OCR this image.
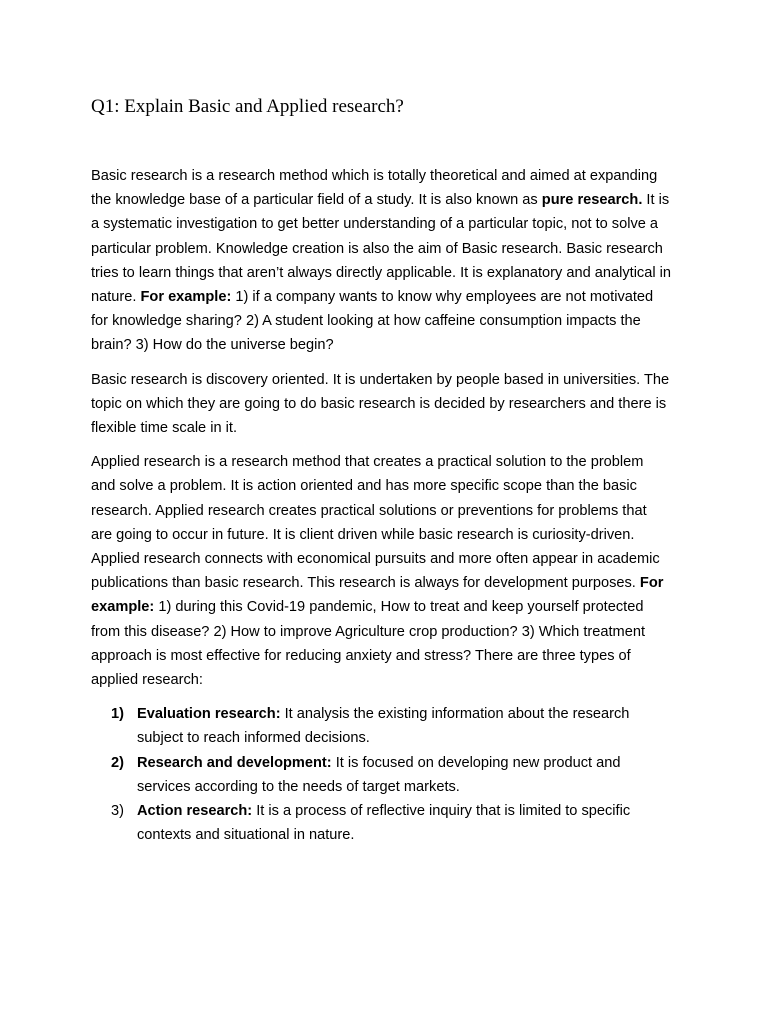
Q1: Explain Basic and Applied research?

Basic research is a research method which is totally theoretical and aimed at expanding the knowledge base of a particular field of a study. It is also known as pure research. It is a systematic investigation to get better understanding of a particular topic, not to solve a particular problem. Knowledge creation is also the aim of Basic research. Basic research tries to learn things that aren’t always directly applicable. It is explanatory and analytical in nature. For example: 1) if a company wants to know why employees are not motivated for knowledge sharing? 2) A student looking at how caffeine consumption impacts the brain? 3) How do the universe begin?

Basic research is discovery oriented. It is undertaken by people based in universities. The topic on which they are going to do basic research is decided by researchers and there is flexible time scale in it.

Applied research is a research method that creates a practical solution to the problem and solve a problem. It is action oriented and has more specific scope than the basic research. Applied research creates practical solutions or preventions for problems that are going to occur in future. It is client driven while basic research is curiosity-driven. Applied research connects with economical pursuits and more often appear in academic publications than basic research. This research is always for development purposes. For example: 1) during this Covid-19 pandemic, How to treat and keep yourself protected from this disease? 2) How to improve Agriculture crop production? 3) Which treatment approach is most effective for reducing anxiety and stress? There are three types of applied research:

1) Evaluation research: It analysis the existing information about the research subject to reach informed decisions.
2) Research and development: It is focused on developing new product and services according to the needs of target markets.
3) Action research: It is a process of reflective inquiry that is limited to specific contexts and situational in nature.
